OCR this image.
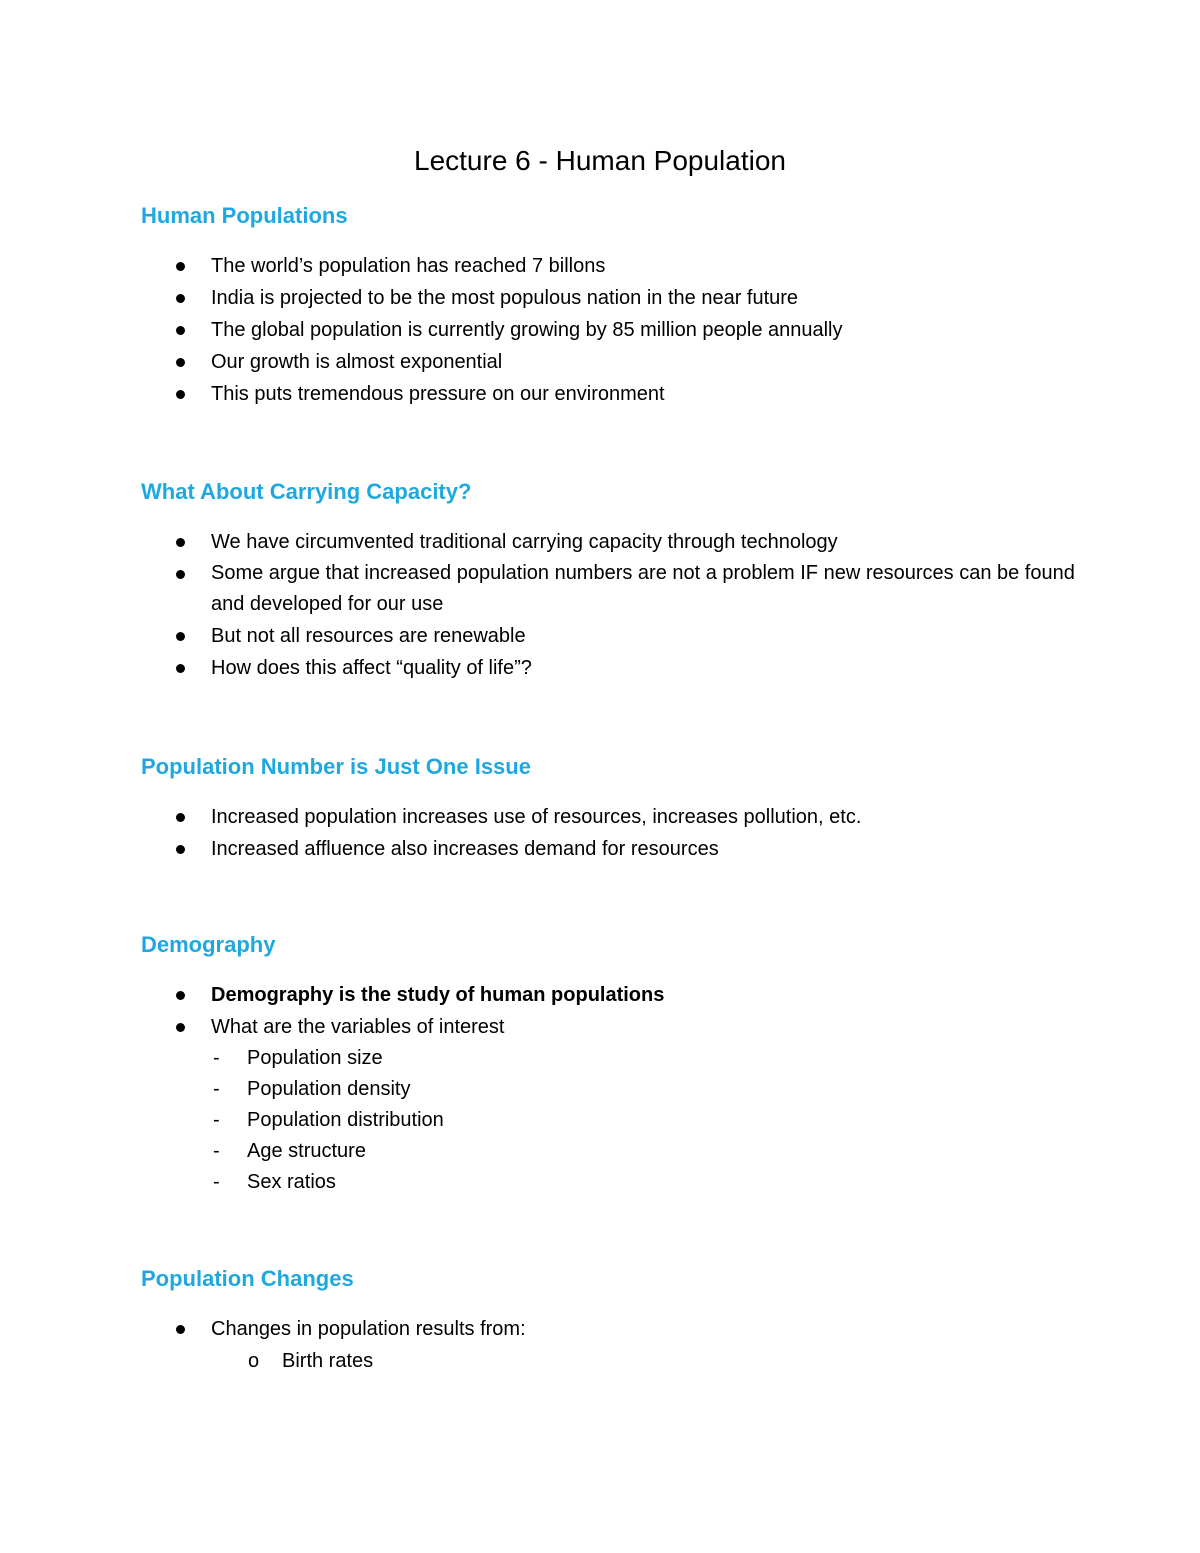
Lecture 6 - Human Population
Human Populations
The world’s population has reached 7 billons
India is projected to be the most populous nation in the near future
The global population is currently growing by 85 million people annually
Our growth is almost exponential
This puts tremendous pressure on our environment
What About Carrying Capacity?
We have circumvented traditional carrying capacity through technology
Some argue that increased population numbers are not a problem IF new resources can be found and developed for our use
But not all resources are renewable
How does this affect “quality of life”?
Population Number is Just One Issue
Increased population increases use of resources, increases pollution, etc.
Increased affluence also increases demand for resources
Demography
Demography is the study of human populations
What are the variables of interest
- Population size
- Population density
- Population distribution
- Age structure
- Sex ratios
Population Changes
Changes in population results from:
o Birth rates
